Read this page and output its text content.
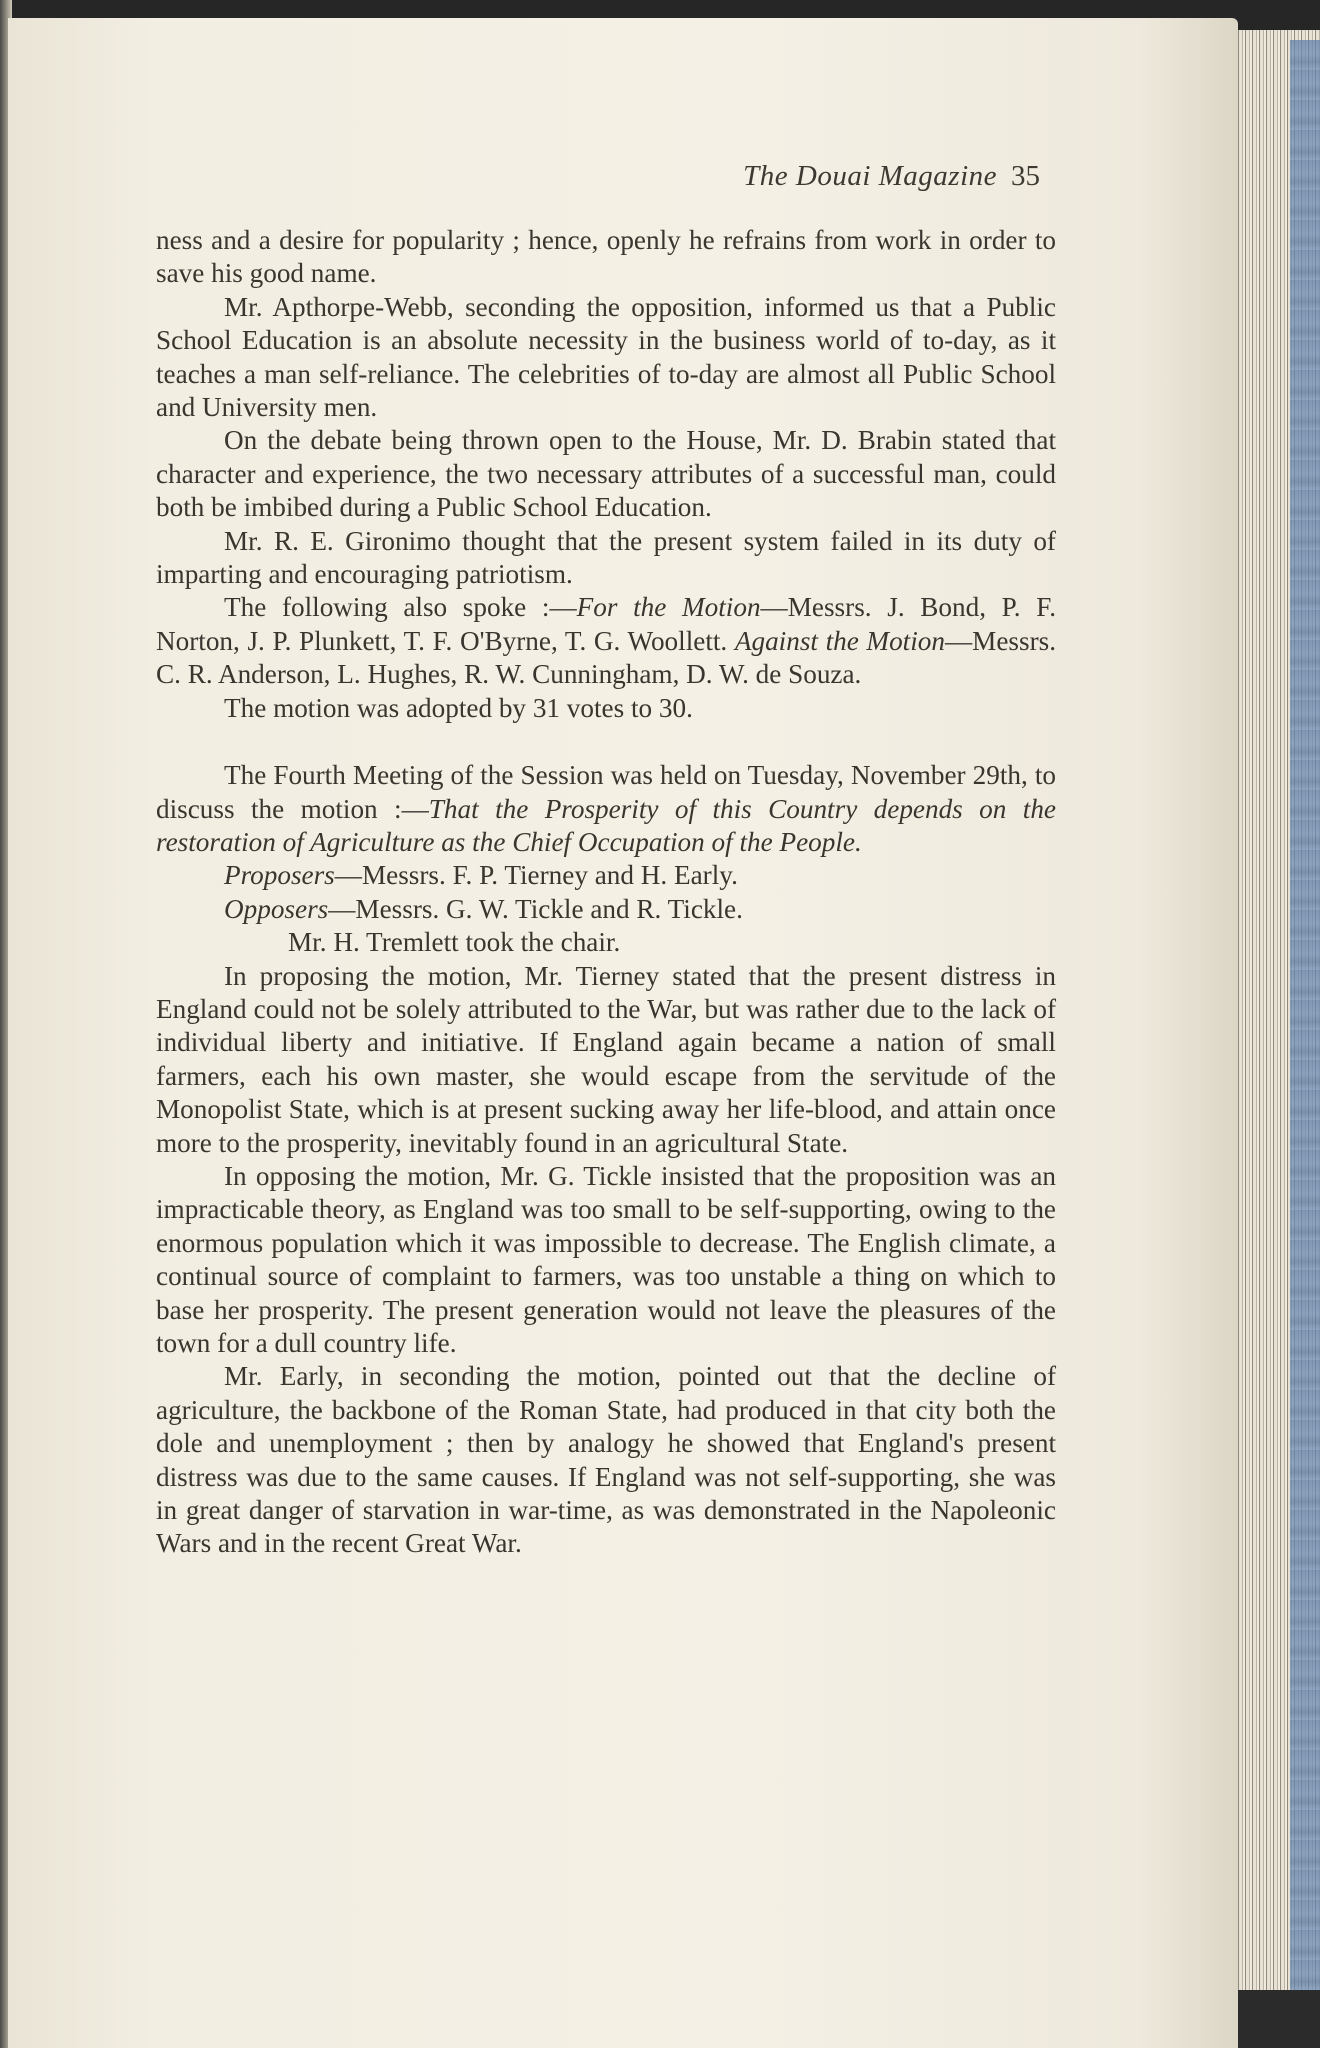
The Douai Magazine 35

ness and a desire for popularity ; hence, openly he refrains from work in order to save his good name.

Mr. Apthorpe-Webb, seconding the opposition, informed us that a Public School Education is an absolute necessity in the business world of to-day, as it teaches a man self-reliance. The celebrities of to-day are almost all Public School and University men.

On the debate being thrown open to the House, Mr. D. Brabin stated that character and experience, the two necessary attributes of a successful man, could both be imbibed during a Public School Education.

Mr. R. E. Gironimo thought that the present system failed in its duty of imparting and encouraging patriotism.

The following also spoke :—For the Motion—Messrs. J. Bond, P. F. Norton, J. P. Plunkett, T. F. O'Byrne, T. G. Woollett. Against the Motion—Messrs. C. R. Anderson, L. Hughes, R. W. Cunningham, D. W. de Souza.

The motion was adopted by 31 votes to 30.

The Fourth Meeting of the Session was held on Tuesday, November 29th, to discuss the motion :—That the Prosperity of this Country depends on the restoration of Agriculture as the Chief Occupation of the People.

Proposers—Messrs. F. P. Tierney and H. Early.

Opposers—Messrs. G. W. Tickle and R. Tickle.

Mr. H. Tremlett took the chair.

In proposing the motion, Mr. Tierney stated that the present distress in England could not be solely attributed to the War, but was rather due to the lack of individual liberty and initiative. If England again became a nation of small farmers, each his own master, she would escape from the servitude of the Monopolist State, which is at present sucking away her life-blood, and attain once more to the prosperity, inevitably found in an agricultural State.

In opposing the motion, Mr. G. Tickle insisted that the proposition was an impracticable theory, as England was too small to be self-supporting, owing to the enormous population which it was impossible to decrease. The English climate, a continual source of complaint to farmers, was too unstable a thing on which to base her prosperity. The present generation would not leave the pleasures of the town for a dull country life.

Mr. Early, in seconding the motion, pointed out that the decline of agriculture, the backbone of the Roman State, had produced in that city both the dole and unemployment ; then by analogy he showed that England's present distress was due to the same causes. If England was not self-supporting, she was in great danger of starvation in war-time, as was demonstrated in the Napoleonic Wars and in the recent Great War.
